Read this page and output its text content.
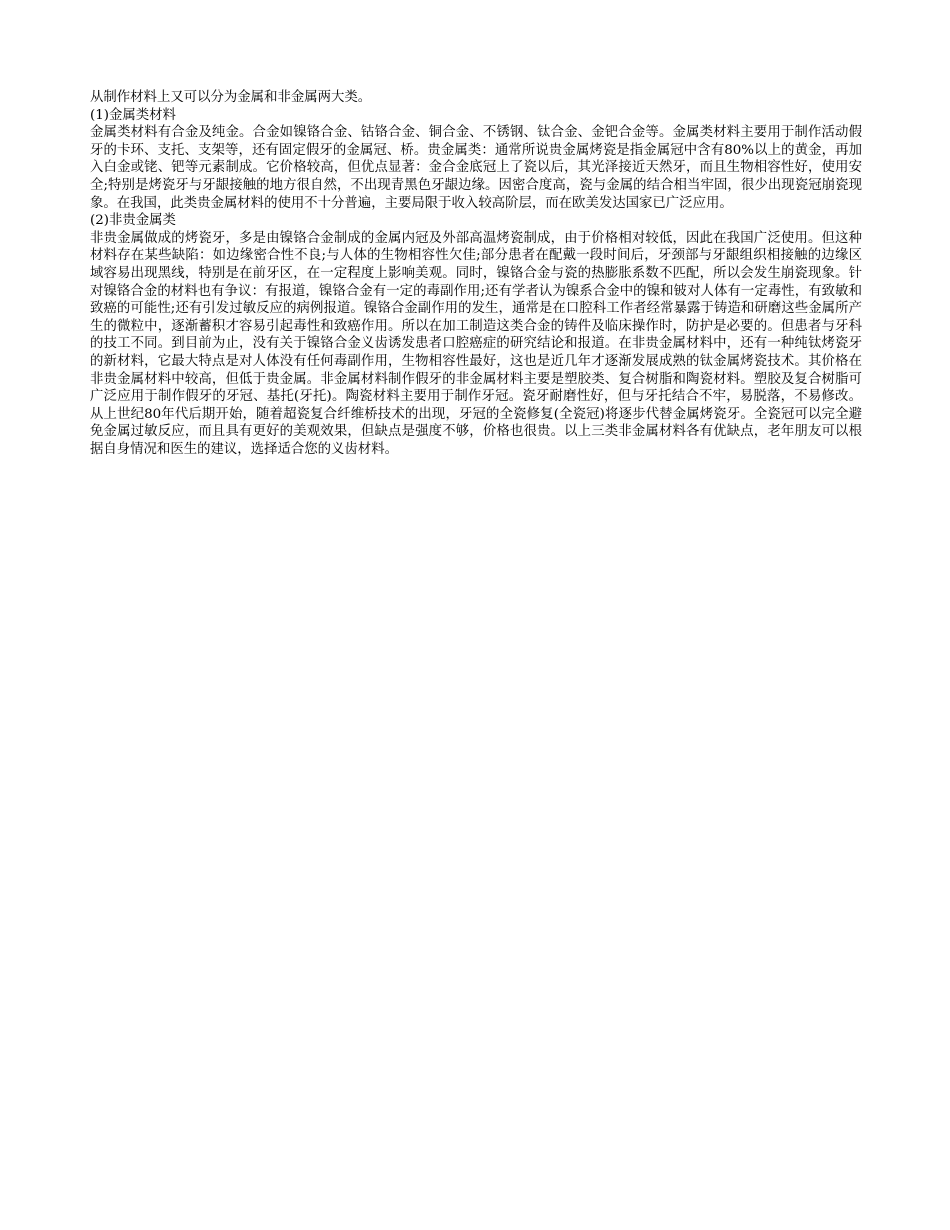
从制作材料上又可以分为金属和非金属两大类。

(1)金属类材料

金属类材料有合金及纯金。合金如镍铬合金、钴铬合金、铜合金、不锈钢、钛合金、金钯合金等。金属类材料主要用于制作活动假牙的卡环、支托、支架等，还有固定假牙的金属冠、桥。贵金属类：通常所说贵金属烤瓷是指金属冠中含有80%以上的黄金，再加入白金或铑、钯等元素制成。它价格较高，但优点显著：金合金底冠上了瓷以后，其光泽接近天然牙，而且生物相容性好，使用安全;特别是烤瓷牙与牙龈接触的地方很自然，不出现青黑色牙龈边缘。因密合度高，瓷与金属的结合相当牢固，很少出现瓷冠崩瓷现象。在我国，此类贵金属材料的使用不十分普遍，主要局限于收入较高阶层，而在欧美发达国家已广泛应用。

(2)非贵金属类

非贵金属做成的烤瓷牙，多是由镍铬合金制成的金属内冠及外部高温烤瓷制成，由于价格相对较低，因此在我国广泛使用。但这种材料存在某些缺陷：如边缘密合性不良;与人体的生物相容性欠佳;部分患者在配戴一段时间后，牙颈部与牙龈组织相接触的边缘区域容易出现黑线，特别是在前牙区，在一定程度上影响美观。同时，镍铬合金与瓷的热膨胀系数不匹配，所以会发生崩瓷现象。针对镍铬合金的材料也有争议：有报道，镍铬合金有一定的毒副作用;还有学者认为镍系合金中的镍和铍对人体有一定毒性，有致敏和致癌的可能性;还有引发过敏反应的病例报道。镍铬合金副作用的发生，通常是在口腔科工作者经常暴露于铸造和研磨这些金属所产生的微粒中，逐渐蓄积才容易引起毒性和致癌作用。所以在加工制造这类合金的铸件及临床操作时，防护是必要的。但患者与牙科的技工不同。到目前为止，没有关于镍铬合金义齿诱发患者口腔癌症的研究结论和报道。在非贵金属材料中，还有一种纯钛烤瓷牙的新材料，它最大特点是对人体没有任何毒副作用，生物相容性最好，这也是近几年才逐渐发展成熟的钛金属烤瓷技术。其价格在非贵金属材料中较高，但低于贵金属。非金属材料制作假牙的非金属材料主要是塑胶类、复合树脂和陶瓷材料。塑胶及复合树脂可广泛应用于制作假牙的牙冠、基托(牙托)。陶瓷材料主要用于制作牙冠。瓷牙耐磨性好，但与牙托结合不牢，易脱落，不易修改。从上世纪80年代后期开始，随着超瓷复合纤维桥技术的出现，牙冠的全瓷修复(全瓷冠)将逐步代替金属烤瓷牙。全瓷冠可以完全避免金属过敏反应，而且具有更好的美观效果，但缺点是强度不够，价格也很贵。以上三类非金属材料各有优缺点，老年朋友可以根据自身情况和医生的建议，选择适合您的义齿材料。
